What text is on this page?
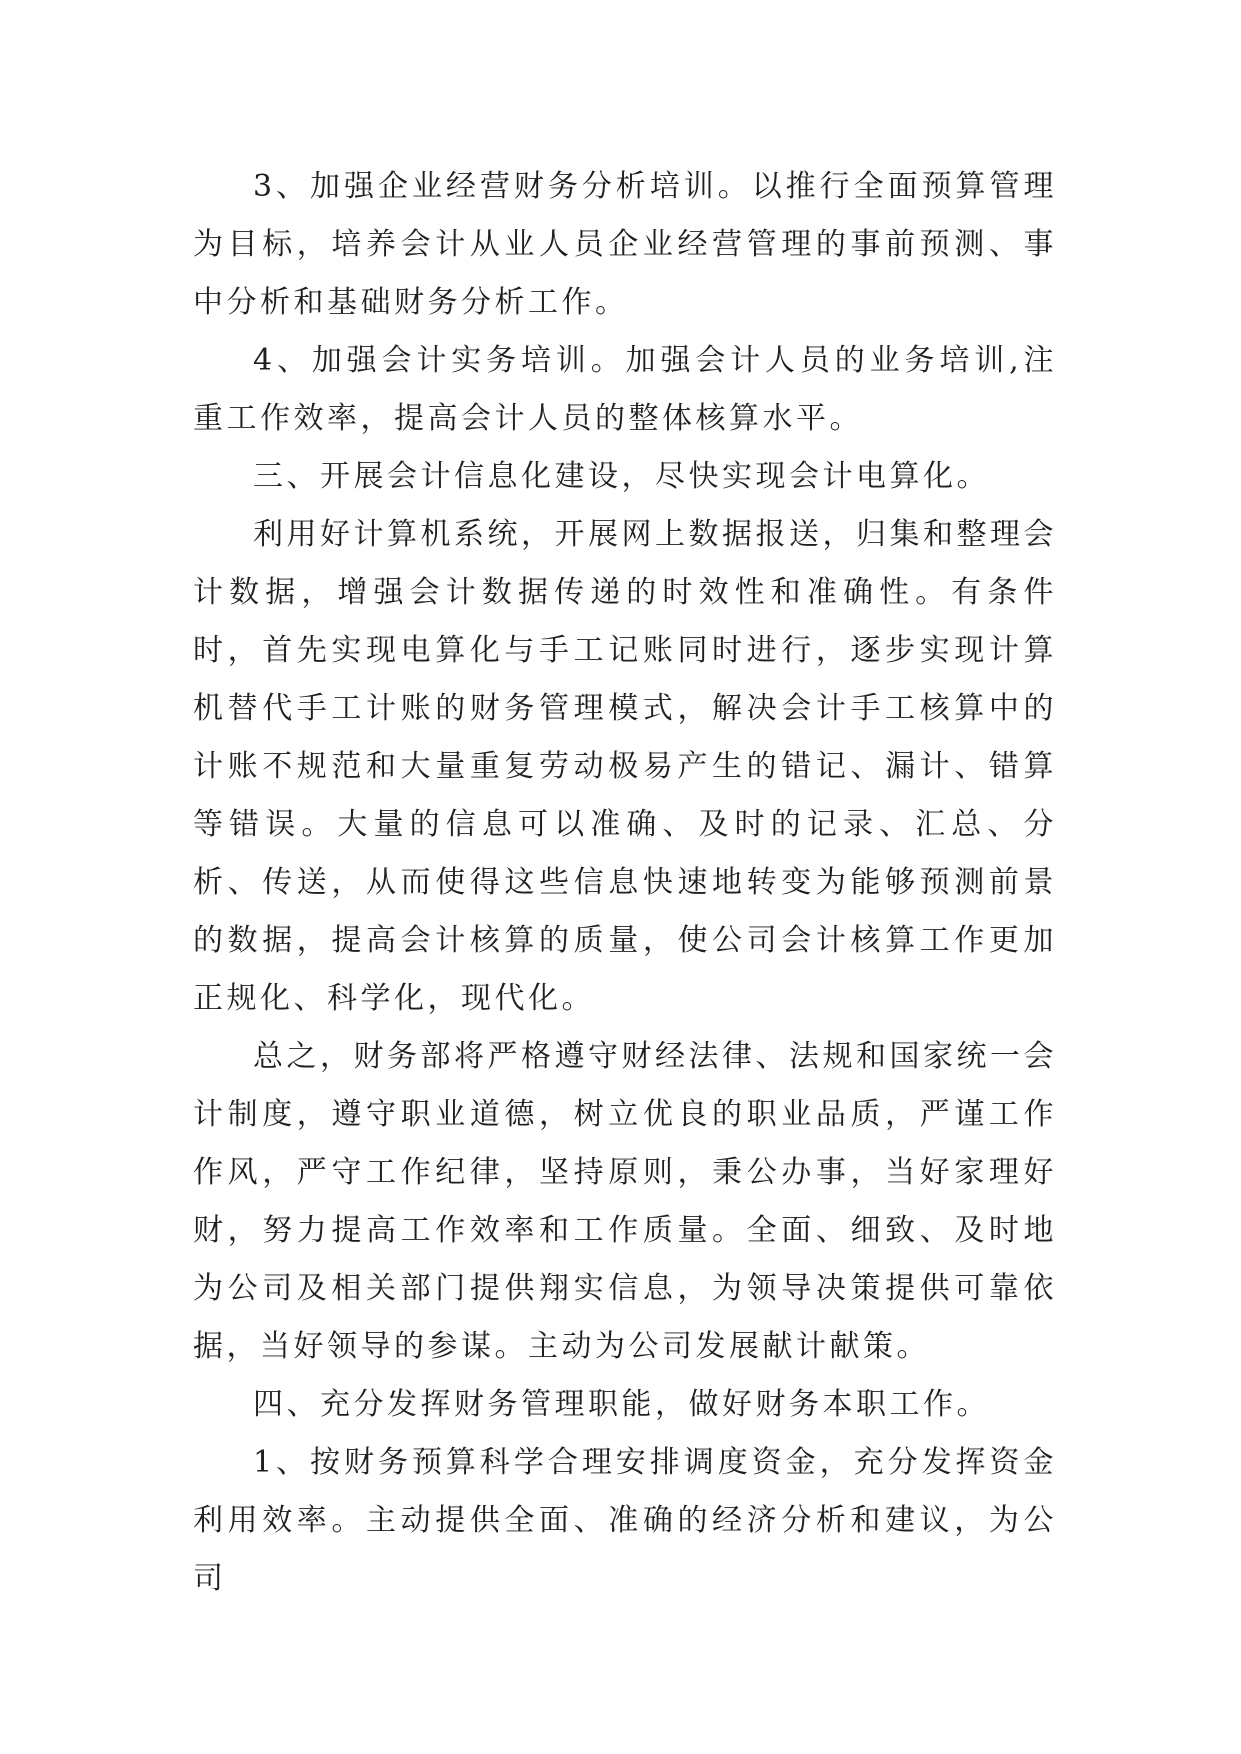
3、加强企业经营财务分析培训。以推行全面预算管理为目标，培养会计从业人员企业经营管理的事前预测、事中分析和基础财务分析工作。

4、加强会计实务培训。加强会计人员的业务培训,注重工作效率，提高会计人员的整体核算水平。

三、开展会计信息化建设，尽快实现会计电算化。

利用好计算机系统，开展网上数据报送，归集和整理会计数据，增强会计数据传递的时效性和准确性。有条件时，首先实现电算化与手工记账同时进行，逐步实现计算机替代手工计账的财务管理模式，解决会计手工核算中的计账不规范和大量重复劳动极易产生的错记、漏计、错算等错误。大量的信息可以准确、及时的记录、汇总、分析、传送，从而使得这些信息快速地转变为能够预测前景的数据，提高会计核算的质量，使公司会计核算工作更加正规化、科学化，现代化。

总之，财务部将严格遵守财经法律、法规和国家统一会计制度，遵守职业道德，树立优良的职业品质，严谨工作作风，严守工作纪律，坚持原则，秉公办事，当好家理好财，努力提高工作效率和工作质量。全面、细致、及时地为公司及相关部门提供翔实信息，为领导决策提供可靠依据，当好领导的参谋。主动为公司发展献计献策。

四、充分发挥财务管理职能，做好财务本职工作。

1、按财务预算科学合理安排调度资金，充分发挥资金利用效率。主动提供全面、准确的经济分析和建议，为公司
